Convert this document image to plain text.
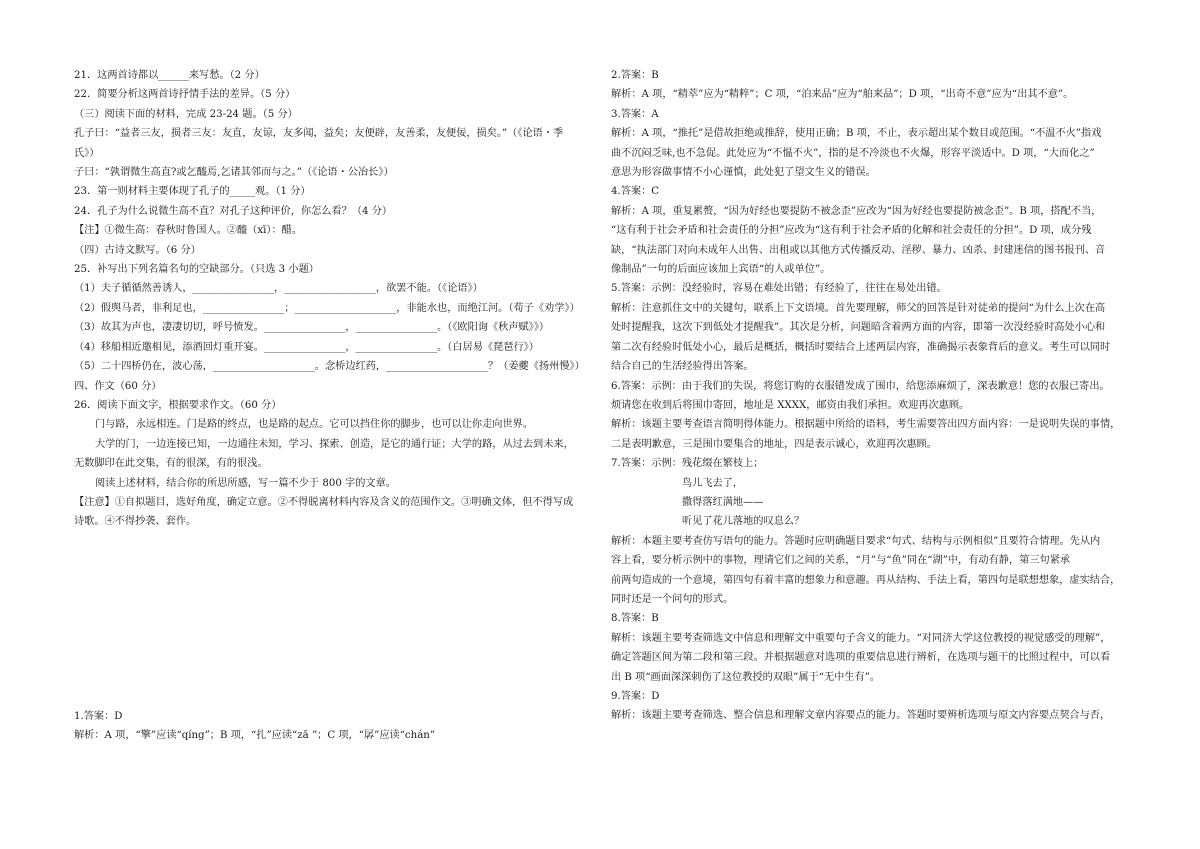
21．这两首诗都以______来写愁。（2 分）
22．简要分析这两首诗抒情手法的差异。（5 分）
（三）阅读下面的材料，完成 23-24 题。（5 分）
孔子曰：“益者三友，损者三友：友直，友谅，友多闻，益矣；友便辟，友善柔，友便佞，损矣。”（《论语・季
氏》）
子曰：“孰谓微生高直?或乞醯焉,乞诸其邻而与之。”（《论语・公冶长》）
23．第一则材料主要体现了孔子的_____观。（1 分）
24．孔子为什么说微生高不直？对孔子这种评价，你怎么看？（4 分）
【注】①微生高：春秋时鲁国人。②醯（xī）：醋。
（四）古诗文默写。（6 分）
25．补写出下列名篇名句的空缺部分。（只选 3 小题）
（1）夫子循循然善诱人，________________，__________________，欲罢不能。（《论语》）
（2）假舆马者，非利足也，________________；____________________，非能水也，而绝江河。（荀子《劝学》）
（3）故其为声也，凄凄切切，呼号愤发。________________，________________。（《欧阳询《秋声赋》》）
（4）移船相近邀相见，添酒回灯重开宴。________________，________________。（白居易《琵琶行》）
（5）二十四桥仍在，波心荡，____________________。念桥边红药，____________________？（姜夔《扬州慢》）
四、作文（60 分）
26．阅读下面文字，根据要求作文。（60 分）
门与路，永远相连。门是路的终点，也是路的起点。它可以挡住你的脚步，也可以让你走向世界。
大学的门，一边连接已知，一边通往未知，学习、探索、创造，是它的通行证；大学的路，从过去到未来，
无数脚印在此交集，有的很深，有的很浅。
阅读上述材料，结合你的所思所感，写一篇不少于 800 字的文章。
【注意】①自拟题目，选好角度，确定立意。②不得脱离材料内容及含义的范围作文。③明确文体，但不得写成
诗歌。④不得抄袭、套作。
1.答案：D
解析：A 项，“擎”应读“qíng”；B 项，“扎”应读“zā ”；C 项，“孱”应读“chán”
2.答案：B
解析：A 项，“精萃”应为“精粹”；C 项，“泊来品”应为“舶来品”；D 项，“出奇不意”应为“出其不意”。
3.答案：A
解析：A 项，“推托”是借故拒绝或推辞，使用正确；B 项，不止，表示超出某个数目或范围。“不温不火”指戏
曲不沉闷乏味,也不急促。此处应为“不愠不火”，指的是不冷淡也不火爆，形容平淡适中。D 项，“大而化之”
意思为形容做事情不小心谨慎，此处犯了望文生义的错误。
4.答案：C
解析：A 项，重复累赘，“因为好经也要提防不被念歪”应改为“因为好经也要提防被念歪”。B 项，搭配不当，
“这有利于社会矛盾和社会责任的分担”应改为“这有利于社会矛盾的化解和社会责任的分担”。D 项，成分残
缺，“执法部门对向未成年人出售、出租或以其他方式传播反动、淫秽、暴力、凶杀、封建迷信的图书报刊、音
像制品”一句的后面应该加上宾语“的人或单位”。
5.答案：示例：没经验时，容易在难处出错；有经验了，往往在易处出错。
解析：注意抓住文中的关键句，联系上下文语境。首先要理解，师父的回答是针对徒弟的提问“为什么上次在高
处时提醒我，这次下到低处才提醒我”。其次是分析，问题暗含着两方面的内容，即第一次没经验时高处小心和
第二次有经验时低处小心，最后是概括，概括时要结合上述两层内容，准确揭示表象背后的意义。考生可以同时
结合自己的生活经验得出答案。
6.答案：示例：由于我们的失误，将您订购的衣服错发成了围巾，给您添麻烦了，深表歉意！您的衣服已寄出。
烦请您在收到后将围巾寄回，地址是 XXXX，邮资由我们承担。欢迎再次惠顾。
解析：该题主要考查语言简明得体能力。根据题中所给的语料，考生需要答出四方面内容：一是说明失误的事情，
二是表明歉意，三是围巾要集合的地址，四是表示诚心，欢迎再次惠顾。
7.答案：示例：残花缀在繁枝上；
鸟儿飞去了，
撒得落红满地——
听见了花儿落地的叹息么？
解析：本题主要考查仿写语句的能力。答题时应明确题目要求“句式、结构与示例相似”且要符合情理。先从内
容上看，要分析示例中的事物，理请它们之间的关系，“月”与“鱼”同在“湖”中，有动有静，第三句紧承
前两句造成的一个意境，第四句有着丰富的想象力和意趣。再从结构、手法上看，第四句是联想想象，虚实结合，
同时还是一个问句的形式。
8.答案：B
解析：该题主要考查筛选文中信息和理解文中重要句子含义的能力。“对同济大学这位教授的视觉感受的理解”，
确定答题区间为第二段和第三段。并根据题意对选项的重要信息进行辨析，在选项与题干的比照过程中，可以看
出 B 项“画面深深刺伤了这位教授的双眼”属于“无中生有”。
9.答案：D
解析：该题主要考查筛选、整合信息和理解文章内容要点的能力。答题时要辨析选项与原文内容要点契合与否，
